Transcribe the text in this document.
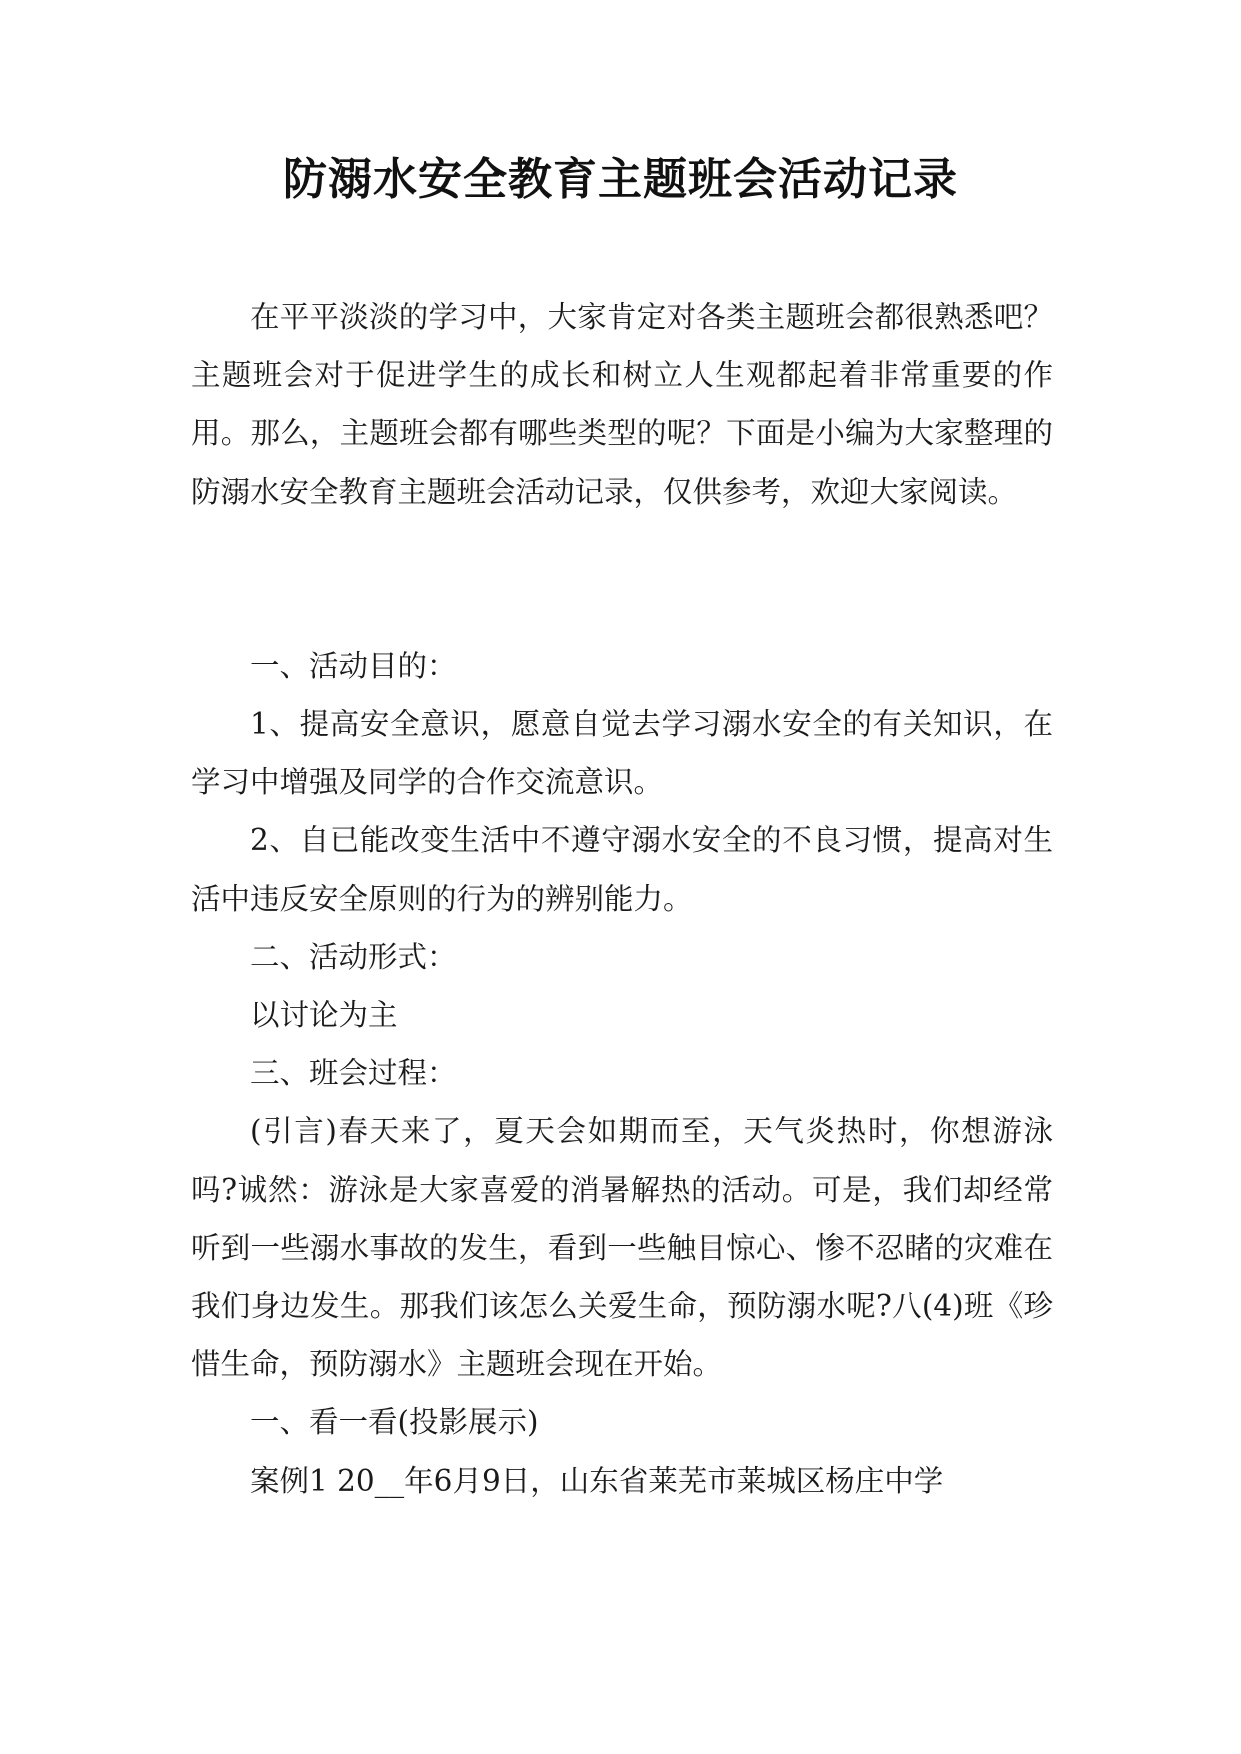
防溺水安全教育主题班会活动记录

在平平淡淡的学习中，大家肯定对各类主题班会都很熟悉吧？主题班会对于促进学生的成长和树立人生观都起着非常重要的作用。那么，主题班会都有哪些类型的呢？下面是小编为大家整理的防溺水安全教育主题班会活动记录，仅供参考，欢迎大家阅读。

一、活动目的：

1、提高安全意识，愿意自觉去学习溺水安全的有关知识，在学习中增强及同学的合作交流意识。

2、自已能改变生活中不遵守溺水安全的不良习惯，提高对生活中违反安全原则的行为的辨别能力。

二、活动形式：

以讨论为主

三、班会过程：

(引言)春天来了，夏天会如期而至，天气炎热时，你想游泳吗?诚然：游泳是大家喜爱的消暑解热的活动。可是，我们却经常听到一些溺水事故的发生，看到一些触目惊心、惨不忍睹的灾难在我们身边发生。那我们该怎么关爱生命，预防溺水呢?八(4)班《珍惜生命，预防溺水》主题班会现在开始。

一、看一看(投影展示)

案例1 20__年6月9日，山东省莱芜市莱城区杨庄中学
